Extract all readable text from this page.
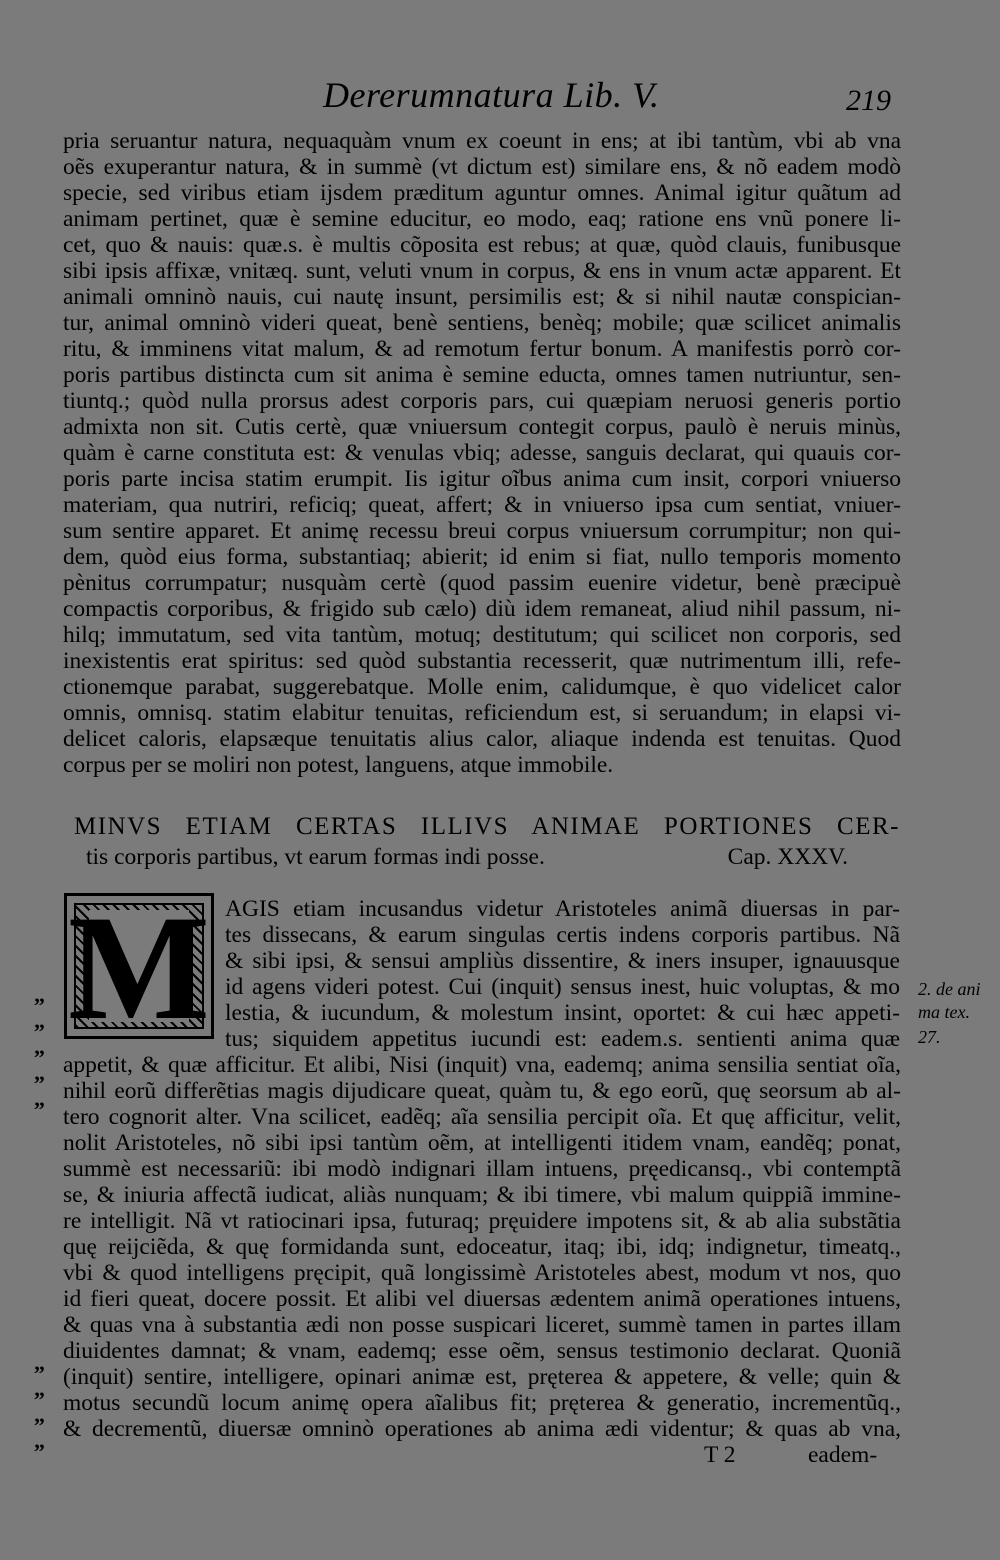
Dererumnatura Lib. V.	219
pria seruantur natura, nequaquàm vnum ex coeunt in ens; at ibi tantùm, vbi ab vna
oẽs exuperantur natura, & in summè (vt dictum est) similare ens, & nõ eadem modò
specie, sed viribus etiam ijsdem præditum aguntur omnes. Animal igitur quãtum ad
animam pertinet, quæ è semine educitur, eo modo, eaq; ratione ens vnũ ponere li-
cet, quo & nauis: quæ.s. è multis cõposita est rebus; at quæ, quòd clauis, funibusque
sibi ipsis affixæ, vnitæq. sunt, veluti vnum in corpus, & ens in vnum actæ apparent. Et
animali omninò nauis, cui nautę insunt, persimilis est; & si nihil nautæ conspician-
tur, animal omninò videri queat, benè sentiens, benèq; mobile; quæ scilicet animalis
ritu, & imminens vitat malum, & ad remotum fertur bonum. A manifestis porrò cor-
poris partibus distincta cum sit anima è semine educta, omnes tamen nutriuntur, sen-
tiuntq.; quòd nulla prorsus adest corporis pars, cui quæpiam neruosi generis portio
admixta non sit. Cutis certè, quæ vniuersum contegit corpus, paulò è neruis minùs,
quàm è carne constituta est: & venulas vbiq; adesse, sanguis declarat, qui quauis cor-
poris parte incisa statim erumpit. Iis igitur oĩbus anima cum insit, corpori vniuerso
materiam, qua nutriri, reficiq; queat, affert; & in vniuerso ipsa cum sentiat, vniuer-
sum sentire apparet. Et animę recessu breui corpus vniuersum corrumpitur; non qui-
dem, quòd eius forma, substantiaq; abierit; id enim si fiat, nullo temporis momento
pènitus corrumpatur; nusquàm certè (quod passim euenire videtur, benè præcipuè
compactis corporibus, & frigido sub cælo) diù idem remaneat, aliud nihil passum, ni-
hilq; immutatum, sed vita tantùm, motuq; destitutum; qui scilicet non corporis, sed
inexistentis erat spiritus: sed quòd substantia recesserit, quæ nutrimentum illi, refe-
ctionemque parabat, suggerebatque. Molle enim, calidumque, è quo videlicet calor
omnis, omnisq. statim elabitur tenuitas, reficiendum est, si seruandum; in elapsi vi-
delicet caloris, elapsæque tenuitatis alius calor, aliaque indenda est tenuitas. Quod
corpus per se moliri non potest, languens, atque immobile.
MINVS ETIAM CERTAS ILLIVS ANIMAE PORTIONES CER-
tis corporis partibus, vt earum formas indi posse.	Cap. XXXV.
M AGIS etiam incusandus videtur Aristoteles animã diuersas in par-
tes dissecans, & earum singulas certis indens corporis partibus. Nã
& sibi ipsi, & sensui ampliùs dissentire, & iners insuper, ignauusque
id agens videri potest. Cui (inquit) sensus inest, huic voluptas, & mo
lestia, & iucundum, & molestum insint, oportet: & cui hæc appeti-
tus; siquidem appetitus iucundi est: eadem.s. sentienti anima quæ
appetit, & quæ afficitur. Et alibi, Nisi (inquit) vna, eademq; anima sensilia sentiat oĩa,
nihil eorũ differẽtias magis dijudicare queat, quàm tu, & ego eorũ, quę seorsum ab al-
tero cognorit alter. Vna scilicet, eadẽq; aĩa sensilia percipit oĩa. Et quę afficitur, velit,
nolit Aristoteles, nõ sibi ipsi tantùm oẽm, at intelligenti itidem vnam, eandẽq; ponat,
summè est necessariũ: ibi modò indignari illam intuens, pręedicansq., vbi contemptã
se, & iniuria affectã iudicat, aliàs nunquam; & ibi timere, vbi malum quippiã immine-
re intelligit. Nã vt ratiocinari ipsa, futuraq; pręuidere impotens sit, & ab alia substãtia
quę reijciẽda, & quę formidanda sunt, edoceatur, itaq; ibi, idq; indignetur, timeatq.,
vbi & quod intelligens pręcipit, quã longissimè Aristoteles abest, modum vt nos, quo
id fieri queat, docere possit. Et alibi vel diuersas ædentem animã operationes intuens,
& quas vna à substantia ædi non posse suspicari liceret, summè tamen in partes illam
diuidentes damnat; & vnam, eademq; esse oẽm, sensus testimonio declarat. Quoniã
(inquit) sentire, intelligere, opinari animæ est, pręterea & appetere, & velle; quin &
motus secundũ locum animę opera aĩalibus fit; pręterea & generatio, incrementũq.,
& decrementũ, diuersæ omninò operationes ab anima ædi videntur; & quas ab vna,
„
„
„
„
„
„
„
„
„
2. de ani
ma tex.
27.
T 2	eadem-
